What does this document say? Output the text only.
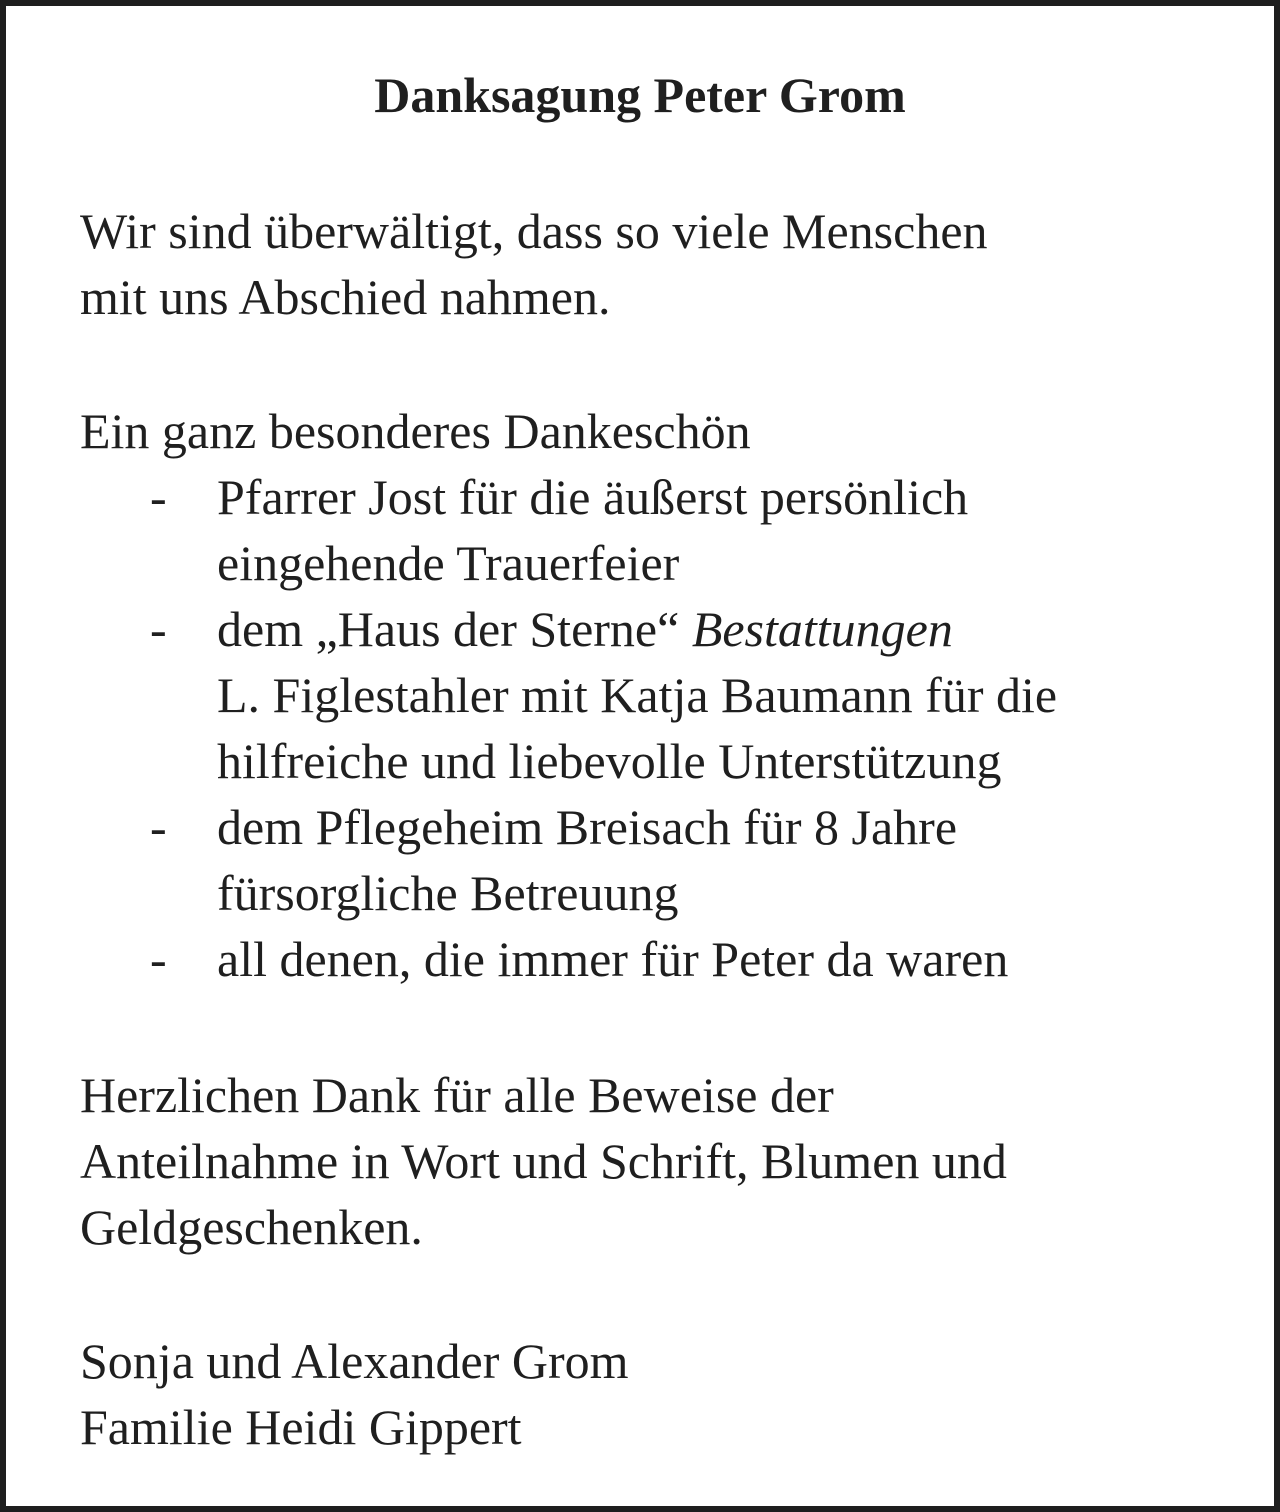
Danksagung Peter Grom

Wir sind überwältigt, dass so viele Menschen
mit uns Abschied nahmen.

Ein ganz besonderes Dankeschön

- Pfarrer Jost für die äußerst persönlich
eingehende Trauerfeier
- dem „Haus der Sterne“ Bestattungen
L. Figlestahler mit Katja Baumann für die
hilfreiche und liebevolle Unterstützung
- dem Pflegeheim Breisach für 8 Jahre
fürsorgliche Betreuung
- all denen, die immer für Peter da waren

Herzlichen Dank für alle Beweise der
Anteilnahme in Wort und Schrift, Blumen und
Geldgeschenken.

Sonja und Alexander Grom
Familie Heidi Gippert
